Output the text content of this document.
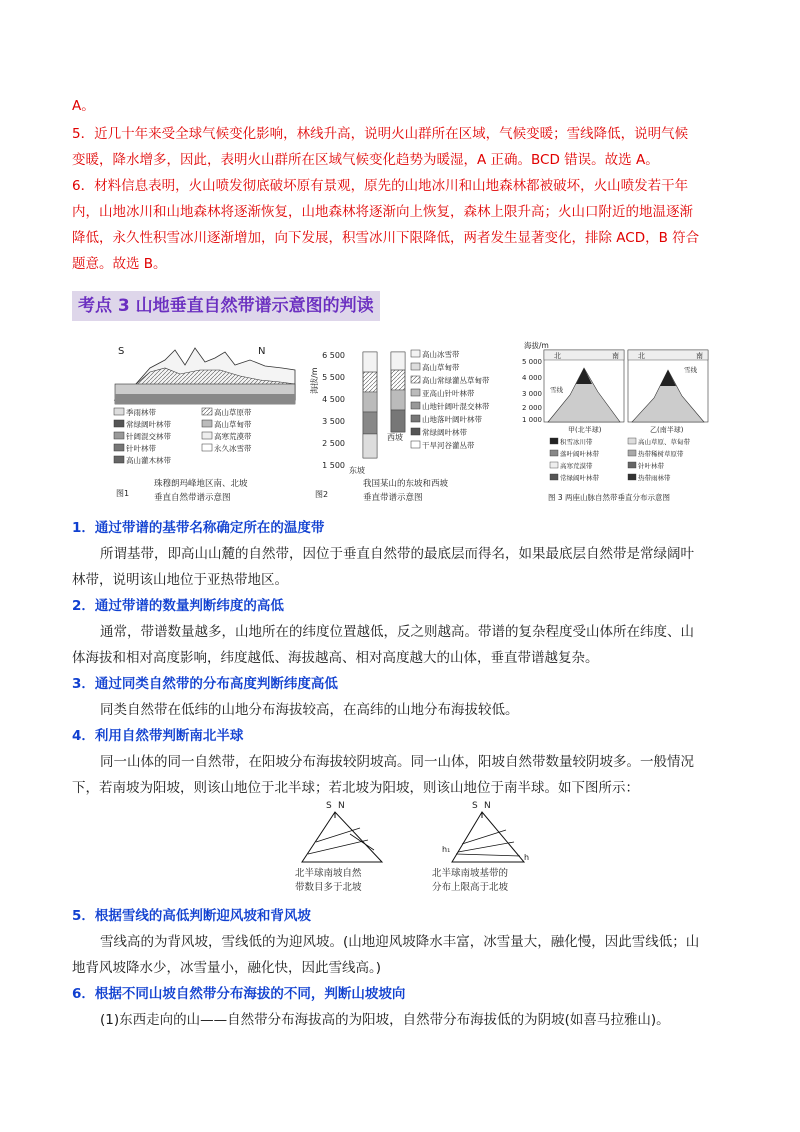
A。
5．近几十年来受全球气候变化影响，林线升高，说明火山群所在区域，气候变暖；雪线降低，说明气候
变暖，降水增多，因此，表明火山群所在区域气候变化趋势为暖湿，A 正确。BCD 错误。故选 A。
6．材料信息表明，火山喷发彻底破坏原有景观，原先的山地冰川和山地森林都被破坏，火山喷发若干年
内，山地冰川和山地森林将逐渐恢复，山地森林将逐渐向上恢复，森林上限升高；火山口附近的地温逐渐
降低，永久性积雪冰川逐渐增加，向下发展，积雪冰川下限降低，两者发生显著变化，排除 ACD，B 符合
题意。故选 B。
考点 3 山地垂直自然带谱示意图的判读
S	N
季雨林带	高山草原带
常绿阔叶林带	高山草甸带
针阔混交林带	高寒荒漠带
针叶林带	永久冰雪带
高山灌木林带
图1
珠穆朗玛峰地区南、北坡
垂直自然带谱示意图
海拔/m
6 500
5 500
4 500
3 500
2 500
1 500
东坡
西坡
高山冰雪带
高山草甸带
高山常绿灌丛草甸带
亚高山针叶林带
山地针阔叶混交林带
山地落叶阔叶林带
常绿阔叶林带
干旱河谷灌丛带
图2
我国某山的东坡和西坡
垂直带谱示意图
海拔/m
5 000
4 000
3 000
2 000
1 000
北	南	北	南
雪线
雪线
甲(北半球)	乙(南半球)
积雪冰川带	高山草原、草甸带
落叶阔叶林带	热带稀树草原带
高寒荒漠带	针叶林带
常绿阔叶林带	热带雨林带
图 3 两座山脉自然带垂直分布示意图
1．通过带谱的基带名称确定所在的温度带
所谓基带，即高山山麓的自然带，因位于垂直自然带的最底层而得名，如果最底层自然带是常绿阔叶
林带，说明该山地位于亚热带地区。
2．通过带谱的数量判断纬度的高低
通常，带谱数量越多，山地所在的纬度位置越低，反之则越高。带谱的复杂程度受山体所在纬度、山
体海拔和相对高度影响，纬度越低、海拔越高、相对高度越大的山体，垂直带谱越复杂。
3．通过同类自然带的分布高度判断纬度高低
同类自然带在低纬的山地分布海拔较高，在高纬的山地分布海拔较低。
4．利用自然带判断南北半球
同一山体的同一自然带，在阳坡分布海拔较阴坡高。同一山体，阳坡自然带数量较阴坡多。一般情况
下，若南坡为阳坡，则该山地位于北半球；若北坡为阳坡，则该山地位于南半球。如下图所示：
S N
北半球南坡自然
带数目多于北坡
S N
h₁
h
北半球南坡基带的
分布上限高于北坡
5．根据雪线的高低判断迎风坡和背风坡
雪线高的为背风坡，雪线低的为迎风坡。(山地迎风坡降水丰富，冰雪量大，融化慢，因此雪线低；山
地背风坡降水少，冰雪量小，融化快，因此雪线高。)
6．根据不同山坡自然带分布海拔的不同，判断山坡坡向
(1)东西走向的山——自然带分布海拔高的为阳坡，自然带分布海拔低的为阴坡(如喜马拉雅山)。
